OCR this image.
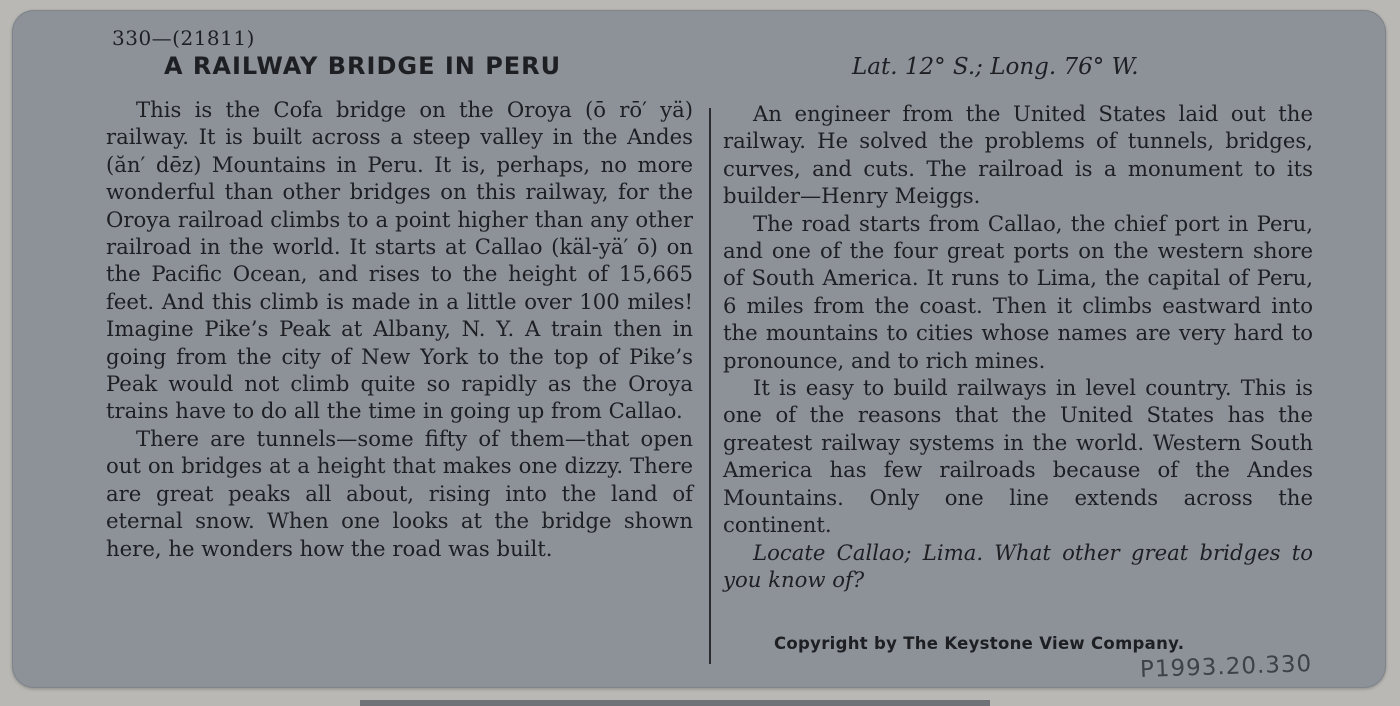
330—(21811)
A RAILWAY BRIDGE IN PERU	Lat. 12° S.; Long. 76° W.

This is the Cofa bridge on the Oroya (ō rō′ yä) railway. It is built across a steep valley in the Andes (ăn′ dēz) Mountains in Peru. It is, perhaps, no more wonderful than other bridges on this railway, for the Oroya railroad climbs to a point higher than any other railroad in the world. It starts at Callao (käl-yä′ ō) on the Pacific Ocean, and rises to the height of 15,665 feet. And this climb is made in a little over 100 miles! Imagine Pike’s Peak at Albany, N. Y. A train then in going from the city of New York to the top of Pike’s Peak would not climb quite so rapidly as the Oroya trains have to do all the time in going up from Callao.

There are tunnels—some fifty of them—that open out on bridges at a height that makes one dizzy. There are great peaks all about, rising into the land of eternal snow. When one looks at the bridge shown here, he wonders how the road was built.

An engineer from the United States laid out the railway. He solved the problems of tunnels, bridges, curves, and cuts. The railroad is a monument to its builder—Henry Meiggs.

The road starts from Callao, the chief port in Peru, and one of the four great ports on the western shore of South America. It runs to Lima, the capital of Peru, 6 miles from the coast. Then it climbs eastward into the mountains to cities whose names are very hard to pronounce, and to rich mines.

It is easy to build railways in level country. This is one of the reasons that the United States has the greatest railway systems in the world. Western South America has few railroads because of the Andes Mountains. Only one line extends across the continent.

Locate Callao; Lima. What other great bridges to you know of?

Copyright by The Keystone View Company.
P1993.20.330
